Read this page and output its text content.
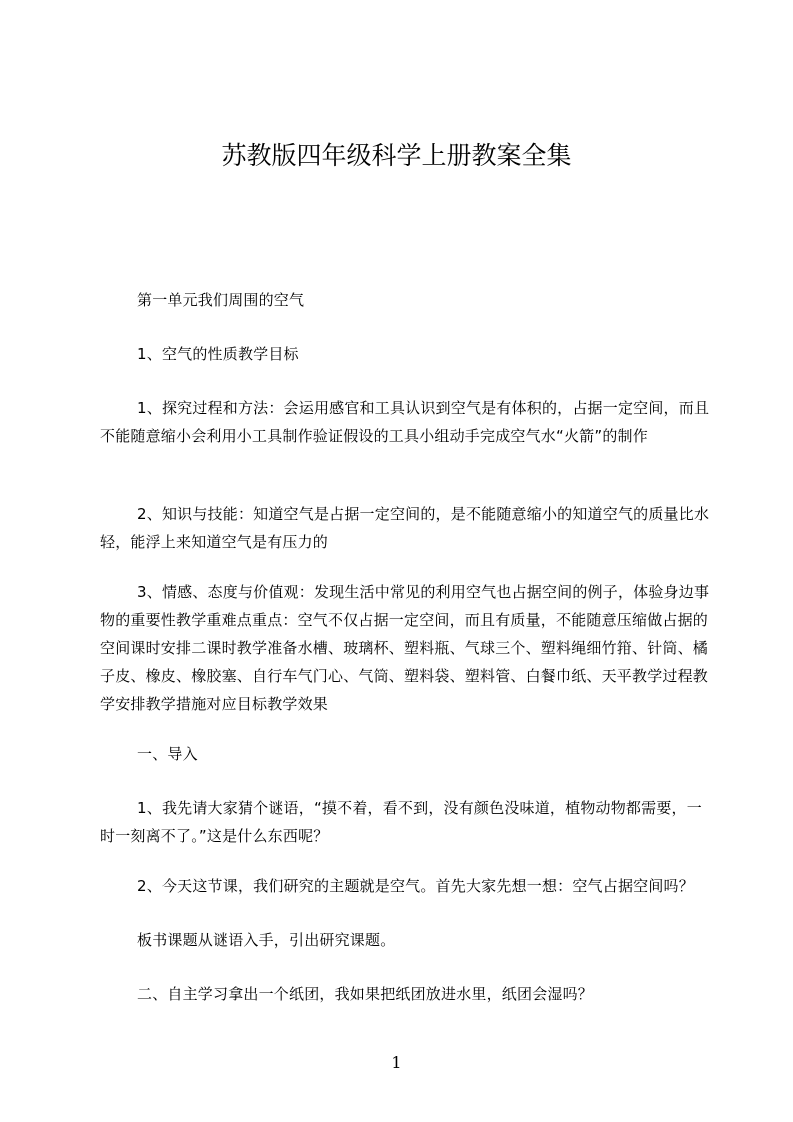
苏教版四年级科学上册教案全集

第一单元我们周围的空气

1、空气的性质教学目标

1、探究过程和方法：会运用感官和工具认识到空气是有体积的，占据一定空间，而且不能随意缩小会利用小工具制作验证假设的工具小组动手完成空气水“火箭”的制作

2、知识与技能：知道空气是占据一定空间的，是不能随意缩小的知道空气的质量比水轻，能浮上来知道空气是有压力的

3、情感、态度与价值观：发现生活中常见的利用空气也占据空间的例子，体验身边事物的重要性教学重难点重点：空气不仅占据一定空间，而且有质量，不能随意压缩做占据的空间课时安排二课时教学准备水槽、玻璃杯、塑料瓶、气球三个、塑料绳细竹箝、针筒、橘子皮、橡皮、橡胶塞、自行车气门心、气筒、塑料袋、塑料管、白餐巾纸、天平教学过程教学安排教学措施对应目标教学效果

一、导入

1、我先请大家猜个谜语，“摸不着，看不到，没有颜色没味道，植物动物都需要，一时一刻离不了。”这是什么东西呢？

2、今天这节课，我们研究的主题就是空气。首先大家先想一想：空气占据空间吗？

板书课题从谜语入手，引出研究课题。

二、自主学习拿出一个纸团，我如果把纸团放进水里，纸团会湿吗？

1
